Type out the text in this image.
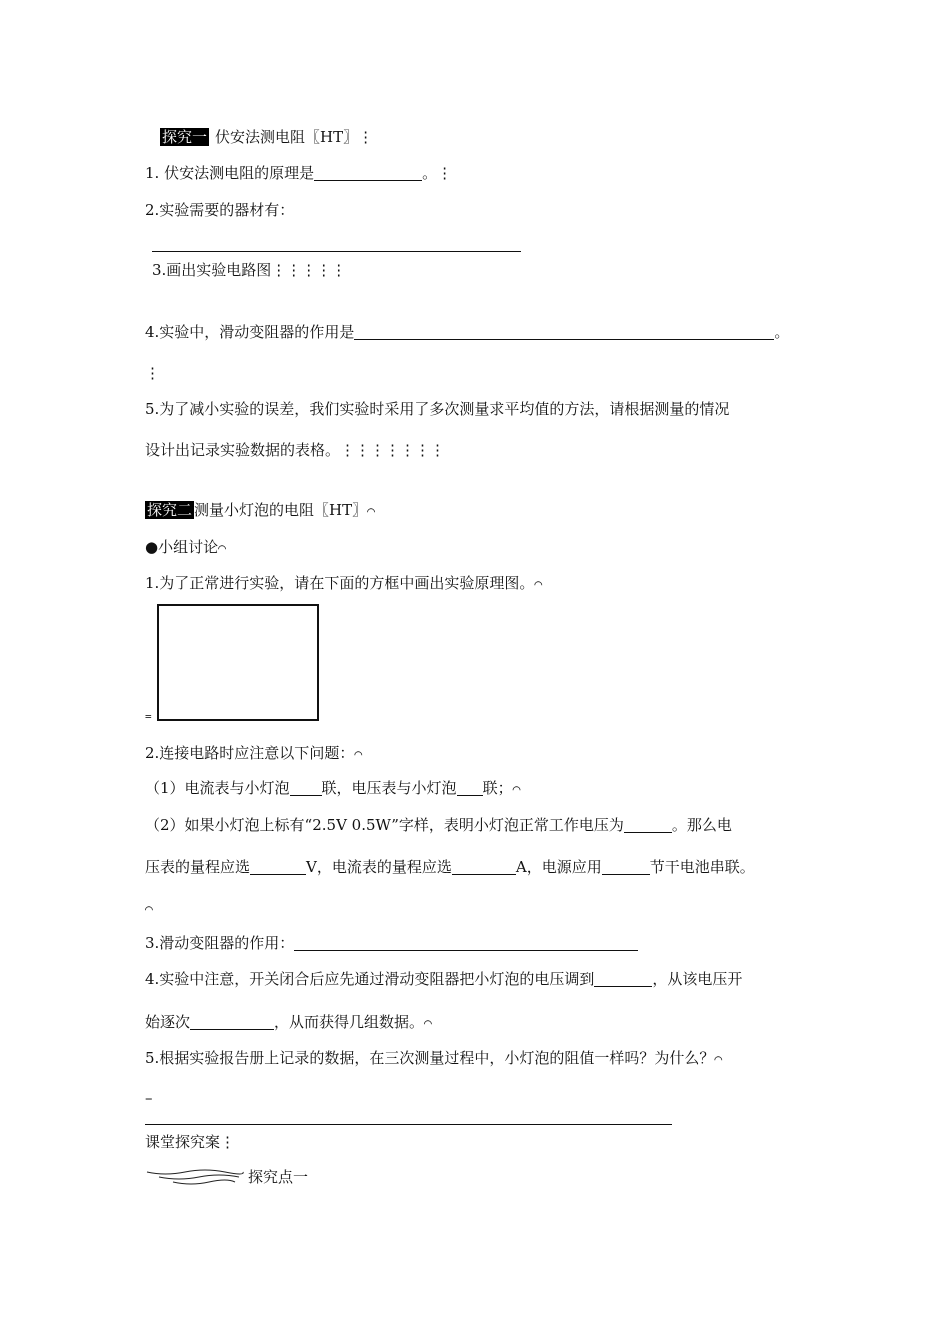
探究一 伏安法测电阻〖HT〗⋮
1. 伏安法测电阻的原理是	。⋮
2.实验需要的器材有：
3.画出实验电路图⋮⋮⋮⋮⋮
4.实验中，滑动变阻器的作用是	。
⋮
5.为了减小实验的误差，我们实验时采用了多次测量求平均值的方法，请根据测量的情况
设计出记录实验数据的表格。⋮⋮⋮⋮⋮⋮⋮
探究二 测量小灯泡的电阻〖HT〗⌒
●小组讨论⌒
1.为了正常进行实验，请在下面的方框中画出实验原理图。⌒
=
2.连接电路时应注意以下问题：⌒
（1）电流表与小灯泡 联，电压表与小灯泡 联；⌒
（2）如果小灯泡上标有“2.5V 0.5W”字样，表明小灯泡正常工作电压为	。那么电
压表的量程应选	V，电流表的量程应选	A，电源应用	节干电池串联。
⌒
3.滑动变阻器的作用：
4.实验中注意，开关闭合后应先通过滑动变阻器把小灯泡的电压调到	，从该电压开
始逐次	，从而获得几组数据。⌒
5.根据实验报告册上记录的数据，在三次测量过程中，小灯泡的阻值一样吗？为什么？⌒
–
课堂探究案⋮
探究点一
